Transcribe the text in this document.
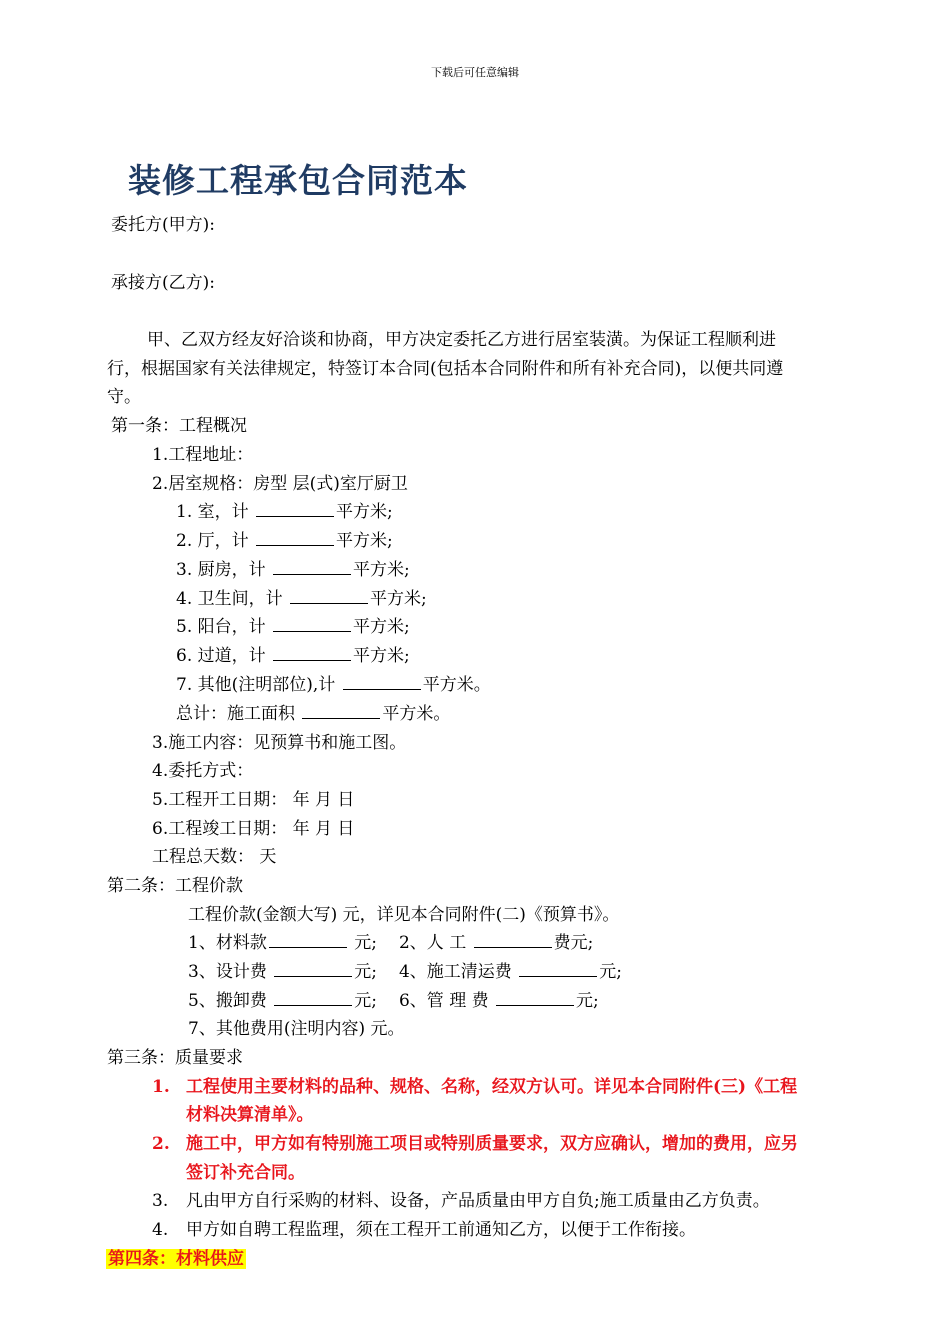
下载后可任意编辑
装修工程承包合同范本
委托方(甲方):
承接方(乙方):
甲、乙双方经友好洽谈和协商，甲方决定委托乙方进行居室装潢。为保证工程顺利进
行，根据国家有关法律规定，特签订本合同(包括本合同附件和所有补充合同)，以便共同遵
守。
第一条：工程概况
1.工程地址：
2.居室规格：房型 层(式)室厅厨卫
1. 室，计	平方米;
2. 厅，计	平方米;
3. 厨房，计	平方米;
4. 卫生间，计	平方米;
5. 阳台，计	平方米;
6. 过道，计	平方米;
7. 其他(注明部位),计	平方米。
总计：施工面积	平方米。
3.施工内容：见预算书和施工图。
4.委托方式：
5.工程开工日期： 年 月 日
6.工程竣工日期： 年 月 日
工程总天数： 天
第二条：工程价款
工程价款(金额大写) 元，详见本合同附件(二)《预算书》。
1、材料款	元; 2、人 工	费元;
3、设计费	元; 4、施工清运费	元;
5、搬卸费	元; 6、管 理 费	元;
7、其他费用(注明内容) 元。
第三条：质量要求
1. 工程使用主要材料的品种、规格、名称，经双方认可。详见本合同附件(三)《工程
材料决算清单》。
2. 施工中，甲方如有特别施工项目或特别质量要求，双方应确认，增加的费用，应另
签订补充合同。
3. 凡由甲方自行采购的材料、设备，产品质量由甲方自负;施工质量由乙方负责。
4. 甲方如自聘工程监理，须在工程开工前通知乙方，以便于工作衔接。
第四条：材料供应
